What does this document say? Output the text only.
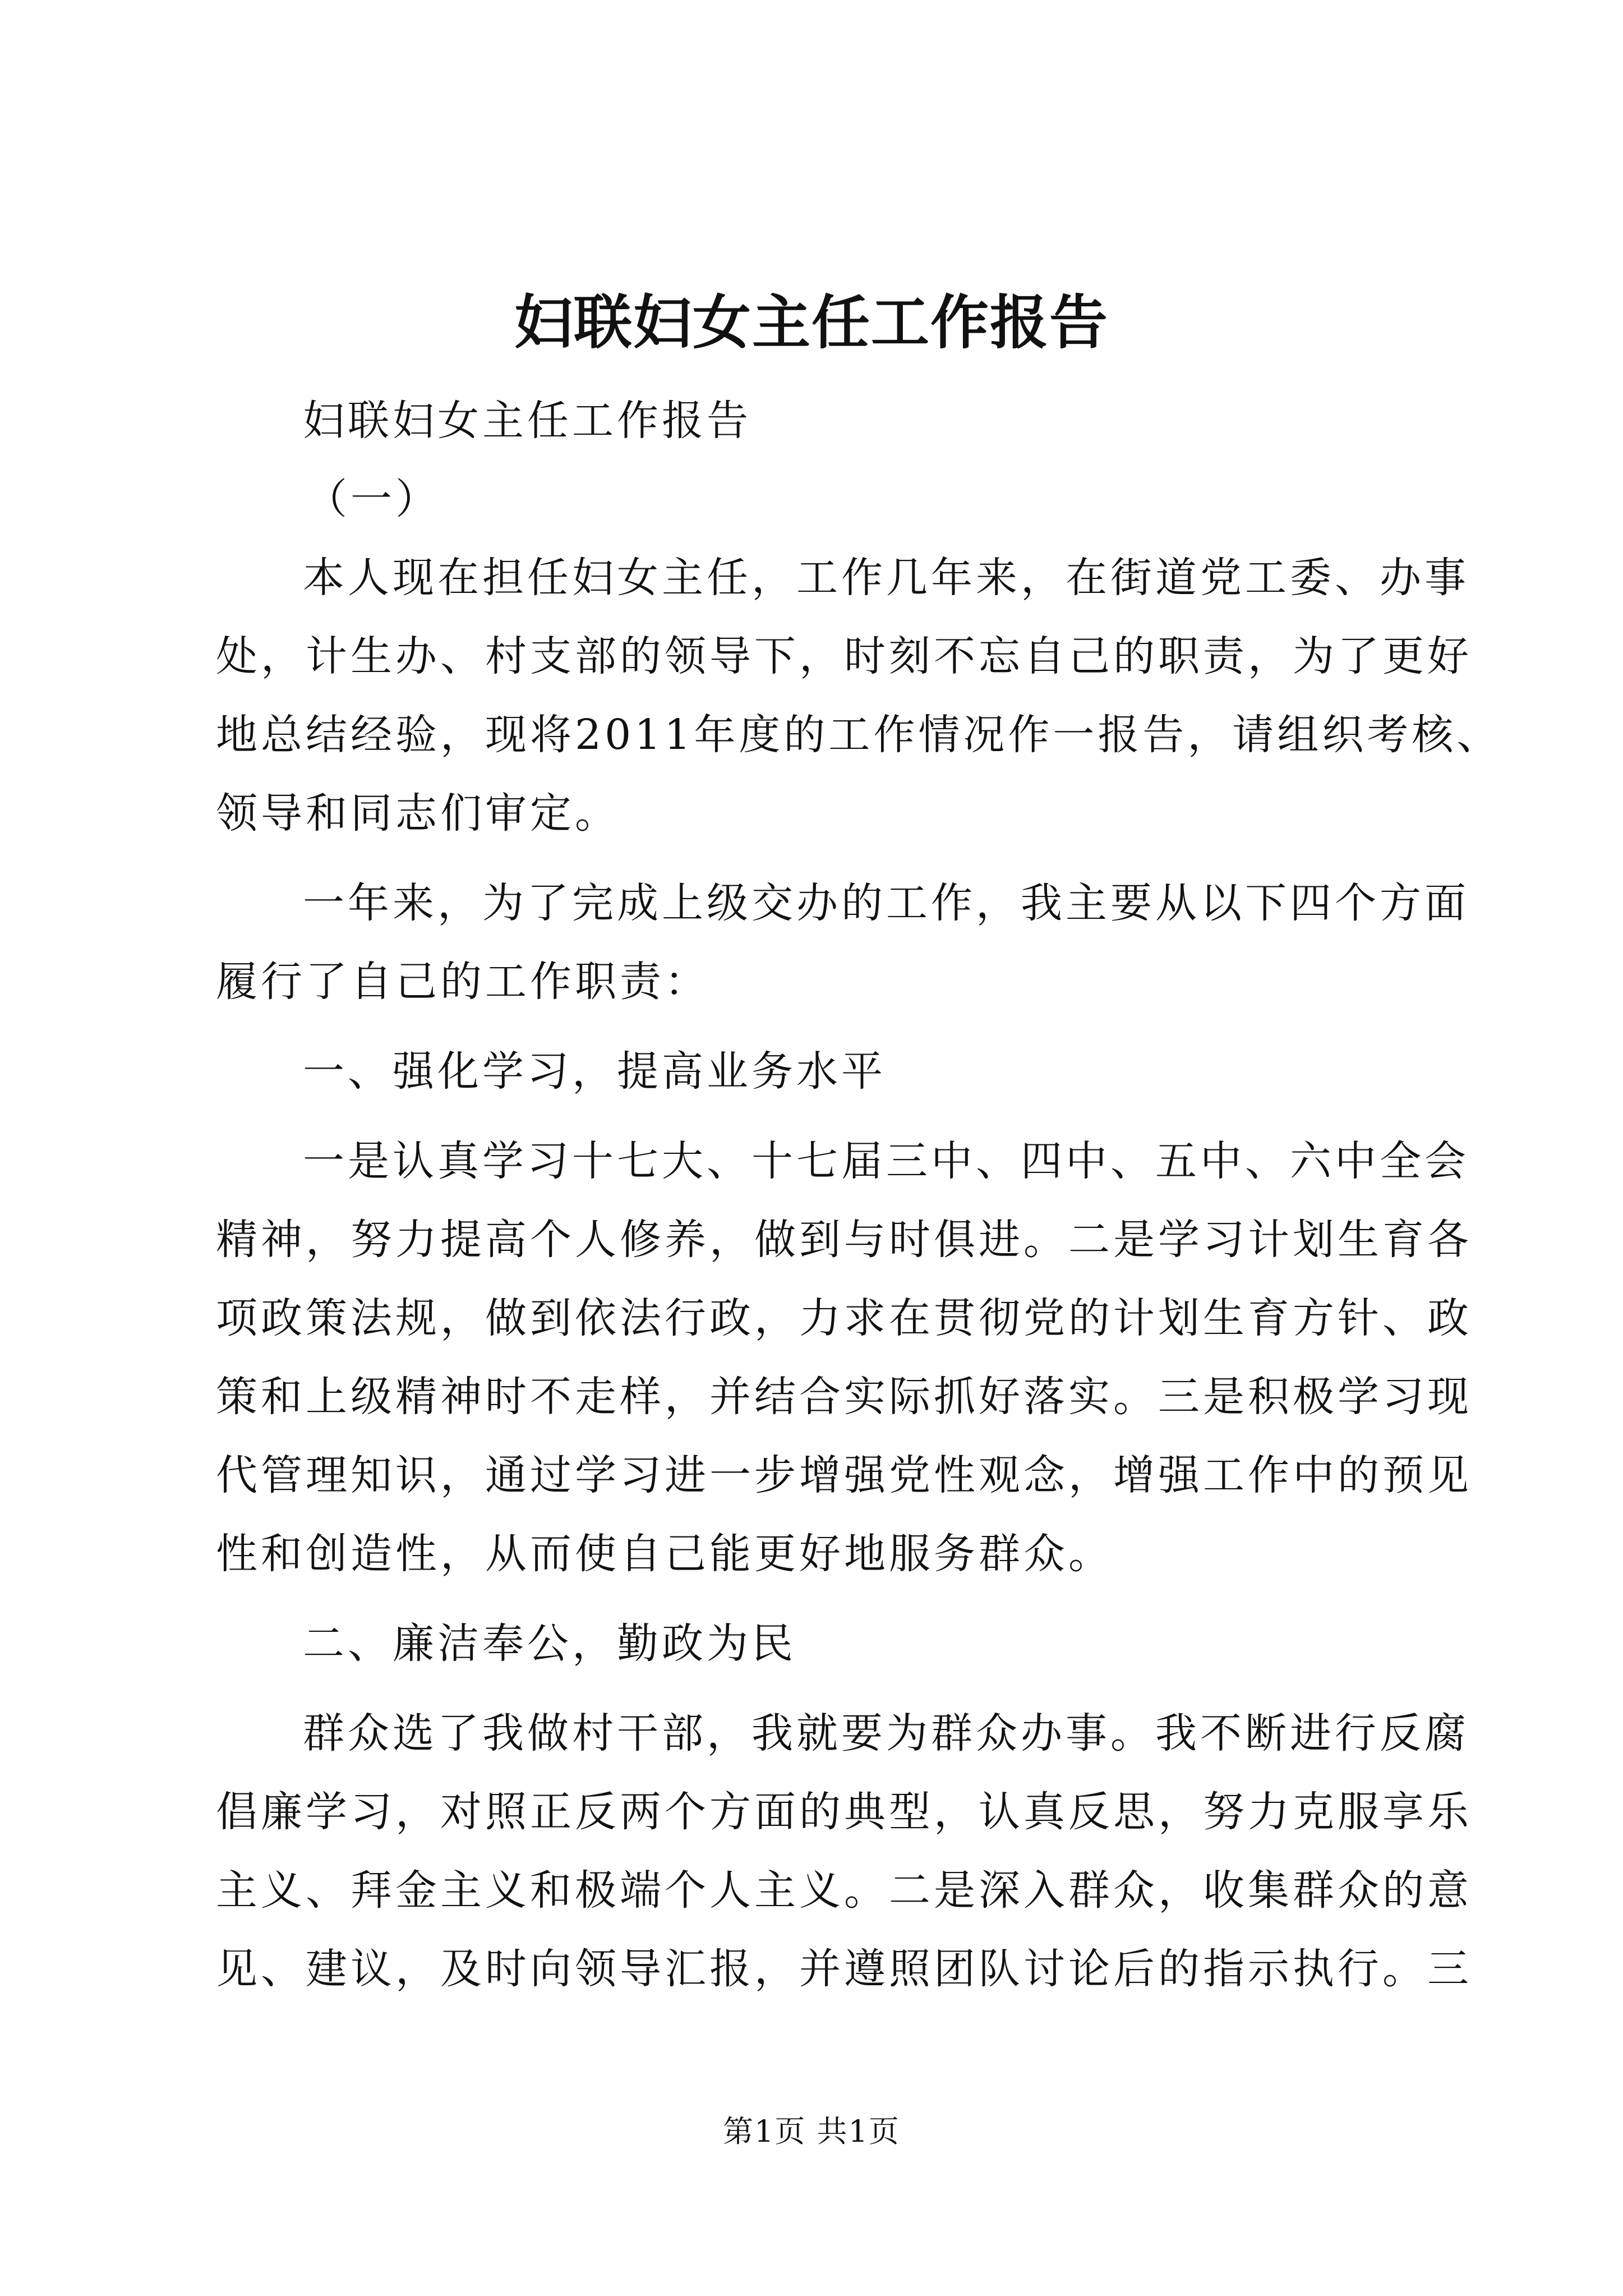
妇联妇女主任工作报告

妇联妇女主任工作报告

（一）

本人现在担任妇女主任，工作几年来，在街道党工委、办事

处，计生办、村支部的领导下，时刻不忘自己的职责，为了更好

地总结经验，现将2011年度的工作情况作一报告，请组织考核、

领导和同志们审定。

一年来，为了完成上级交办的工作，我主要从以下四个方面

履行了自己的工作职责：

一、强化学习，提高业务水平

一是认真学习十七大、十七届三中、四中、五中、六中全会

精神，努力提高个人修养，做到与时俱进。二是学习计划生育各

项政策法规，做到依法行政，力求在贯彻党的计划生育方针、政

策和上级精神时不走样，并结合实际抓好落实。三是积极学习现

代管理知识，通过学习进一步增强党性观念，增强工作中的预见

性和创造性，从而使自己能更好地服务群众。

二、廉洁奉公，勤政为民

群众选了我做村干部，我就要为群众办事。我不断进行反腐

倡廉学习，对照正反两个方面的典型，认真反思，努力克服享乐

主义、拜金主义和极端个人主义。二是深入群众，收集群众的意

见、建议，及时向领导汇报，并遵照团队讨论后的指示执行。三

第1页 共1页
